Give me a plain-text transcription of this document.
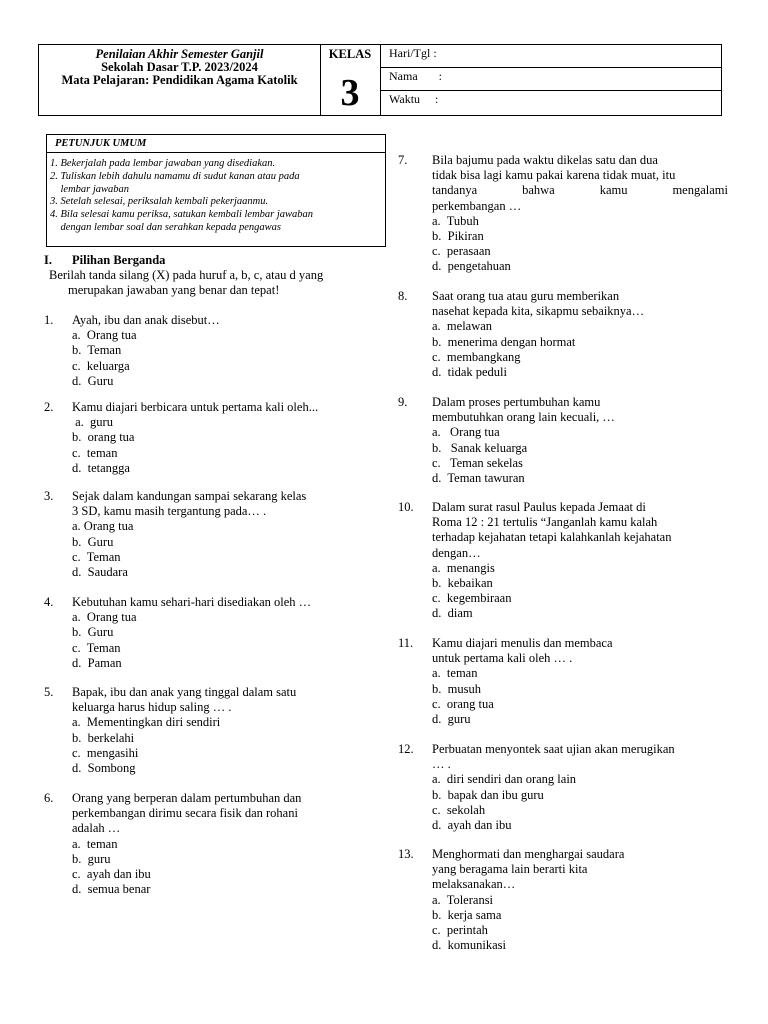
Penilaian Akhir Semester Ganjil
Sekolah Dasar T.P. 2023/2024
Mata Pelajaran: Pendidikan Agama Katolik
KELAS
3
Hari/Tgl :
Nama       :
Waktu     :
PETUNJUK UMUM
1. Bekerjalah pada lembar jawaban yang disediakan.
2. Tuliskan lebih dahulu namamu di sudut kanan atau pada
lembar jawaban
3. Setelah selesai, periksalah kembali pekerjaanmu.
4. Bila selesai kamu periksa, satukan kembali lembar jawaban
dengan lembar soal dan serahkan kepada pengawas
I.	Pilihan Berganda
Berilah tanda silang (X) pada huruf a, b, c, atau d yang
merupakan jawaban yang benar dan tepat!
1.	Ayah, ibu dan anak disebut…
a.  Orang tua
b.  Teman
c.  keluarga
d.  Guru
2.	Kamu diajari berbicara untuk pertama kali oleh...
a.  guru
b.  orang tua
c.  teman
d.  tetangga
3.	Sejak dalam kandungan sampai sekarang kelas
3 SD, kamu masih tergantung pada… .
a. Orang tua
b.  Guru
c.  Teman
d.  Saudara
4.	Kebutuhan kamu sehari-hari disediakan oleh …
a.  Orang tua
b.  Guru
c.  Teman
d.  Paman
5.	Bapak, ibu dan anak yang tinggal dalam satu
keluarga harus hidup saling … .
a.  Mementingkan diri sendiri
b.  berkelahi
c.  mengasihi
d.  Sombong
6.	Orang yang berperan dalam pertumbuhan dan
perkembangan dirimu secara fisik dan rohani
adalah …
a.  teman
b.  guru
c.  ayah dan ibu
d.  semua benar
7.	Bila bajumu pada waktu dikelas satu dan dua
tidak bisa lagi kamu pakai karena tidak muat, itu
tandanya bahwa kamu mengalami
perkembangan …
a.  Tubuh
b.  Pikiran
c.  perasaan
d.  pengetahuan
8.	Saat orang tua atau guru memberikan
nasehat kepada kita, sikapmu sebaiknya…
a.  melawan
b.  menerima dengan hormat
c.  membangkang
d.  tidak peduli
9.	Dalam proses pertumbuhan kamu
membutuhkan orang lain kecuali, …
a.   Orang tua
b.   Sanak keluarga
c.   Teman sekelas
d.  Teman tawuran
10.	Dalam surat rasul Paulus kepada Jemaat di
Roma 12 : 21 tertulis “Janganlah kamu kalah
terhadap kejahatan tetapi kalahkanlah kejahatan
dengan…
a.  menangis
b.  kebaikan
c.  kegembiraan
d.  diam
11.	Kamu diajari menulis dan membaca
untuk pertama kali oleh … .
a.  teman
b.  musuh
c.  orang tua
d.  guru
12.	Perbuatan menyontek saat ujian akan merugikan
… .
a.  diri sendiri dan orang lain
b.  bapak dan ibu guru
c.  sekolah
d.  ayah dan ibu
13.	Menghormati dan menghargai saudara
yang beragama lain berarti kita
melaksanakan…
a.  Toleransi
b.  kerja sama
c.  perintah
d.  komunikasi
